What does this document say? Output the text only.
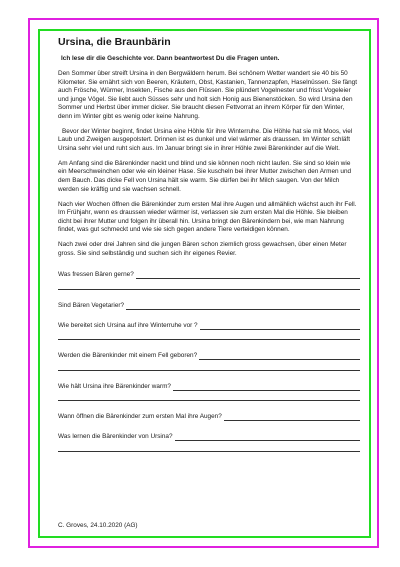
Ursina, die Braunbärin
Ich lese dir die Geschichte vor. Dann beantwortest Du die Fragen unten.

Den Sommer über streift Ursina in den Bergwäldern herum. Bei schönem Wetter wandert sie 40 bis 50 Kilometer. Sie ernährt sich von Beeren, Kräutern, Obst, Kastanien, Tannenzapfen, Haselnüssen. Sie fängt auch Frösche, Würmer, Insekten, Fische aus den Flüssen. Sie plündert Vogelnester und frisst Vogeleier und junge Vögel. Sie liebt auch Süsses sehr und holt sich Honig aus Bienenstöcken. So wird Ursina den Sommer und Herbst über immer dicker. Sie braucht diesen Fettvorrat an ihrem Körper für den Winter, denn im Winter gibt es wenig oder keine Nahrung.

Bevor der Winter beginnt, findet Ursina eine Höhle für ihre Winterruhe. Die Höhle hat sie mit Moos, viel Laub und Zweigen ausgepolstert. Drinnen ist es dunkel und viel wärmer als draussen. Im Winter schläft Ursina sehr viel und ruht sich aus. Im Januar bringt sie in ihrer Höhle zwei Bärenkinder auf die Welt.

Am Anfang sind die Bärenkinder nackt und blind und sie können noch nicht laufen. Sie sind so klein wie ein Meerschweinchen oder wie ein kleiner Hase. Sie kuscheln bei ihrer Mutter zwischen den Armen und dem Bauch. Das dicke Fell von Ursina hält sie warm. Sie dürfen bei ihr Milch saugen. Von der Milch werden sie kräftig und sie wachsen schnell.

Nach vier Wochen öffnen die Bärenkinder zum ersten Mal ihre Augen und allmählich wächst auch ihr Fell. Im Frühjahr, wenn es draussen wieder wärmer ist, verlassen sie zum ersten Mal die Höhle. Sie bleiben dicht bei ihrer Mutter und folgen ihr überall hin. Ursina bringt den Bärenkindern bei, wie man Nahrung findet, was gut schmeckt und wie sie sich gegen andere Tiere verteidigen können.

Nach zwei oder drei Jahren sind die jungen Bären schon ziemlich gross gewachsen, über einen Meter gross. Sie sind selbständig und suchen sich ihr eigenes Revier.

Was fressen Bären gerne?
Sind Bären Vegetarier?
Wie bereitet sich Ursina auf ihre Winterruhe vor ?
Werden die Bärenkinder mit einem Fell geboren?
Wie hält Ursina ihre Bärenkinder warm?
Wann öffnen die Bärenkinder zum ersten Mal ihre Augen?
Was lernen die Bärenkinder von Ursina?
C. Groves, 24.10.2020 (AG)
